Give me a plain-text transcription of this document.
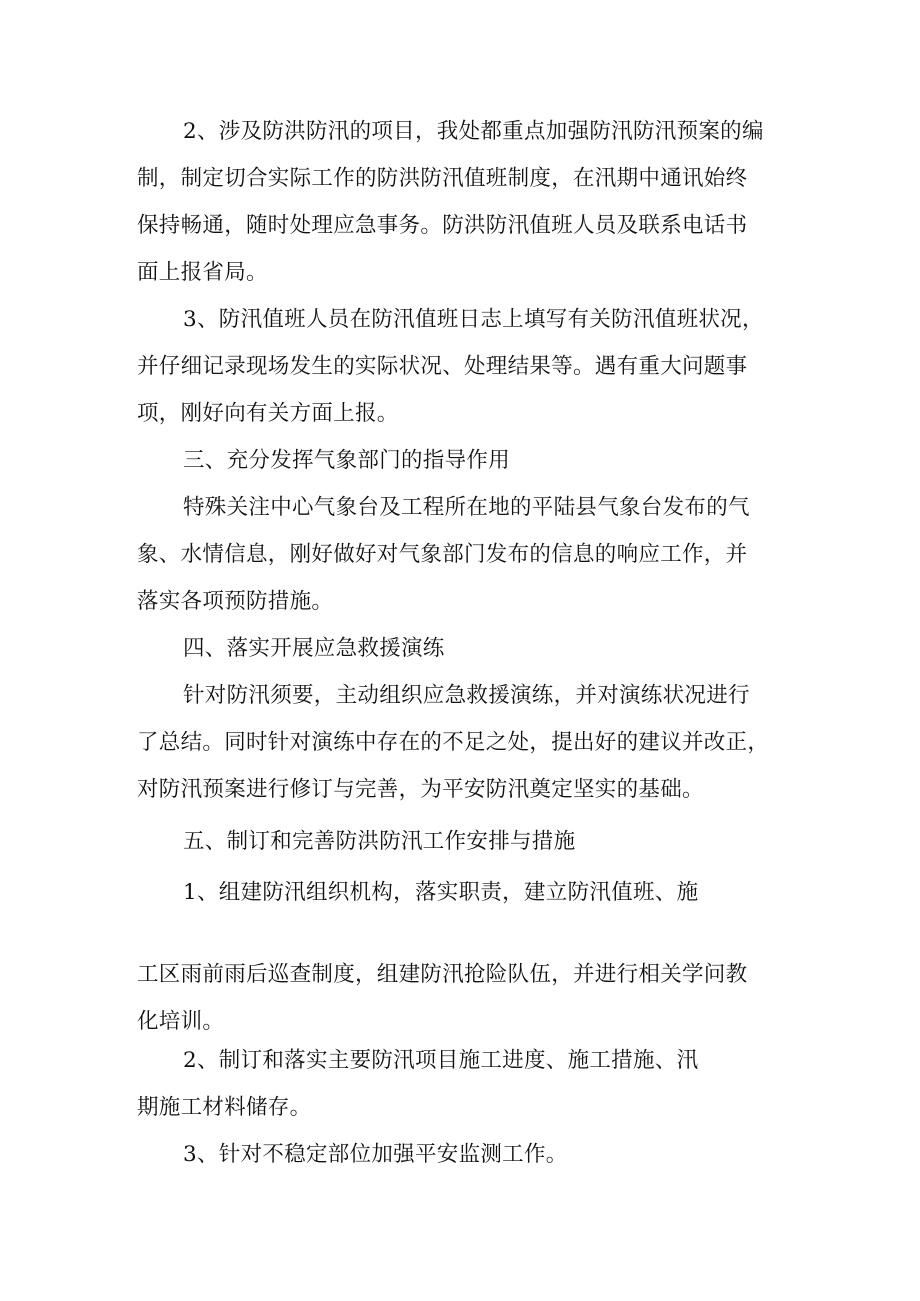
2、涉及防洪防汛的项目，我处都重点加强防汛防汛预案的编
制，制定切合实际工作的防洪防汛值班制度，在汛期中通讯始终
保持畅通，随时处理应急事务。防洪防汛值班人员及联系电话书
面上报省局。
3、防汛值班人员在防汛值班日志上填写有关防汛值班状况，
并仔细记录现场发生的实际状况、处理结果等。遇有重大问题事
项，刚好向有关方面上报。
三、充分发挥气象部门的指导作用
特殊关注中心气象台及工程所在地的平陆县气象台发布的气
象、水情信息，刚好做好对气象部门发布的信息的响应工作，并
落实各项预防措施。
四、落实开展应急救援演练
针对防汛须要，主动组织应急救援演练，并对演练状况进行
了总结。同时针对演练中存在的不足之处，提出好的建议并改正，
对防汛预案进行修订与完善，为平安防汛奠定坚实的基础。
五、制订和完善防洪防汛工作安排与措施
1、组建防汛组织机构，落实职责，建立防汛值班、施
工区雨前雨后巡查制度，组建防汛抢险队伍，并进行相关学问教
化培训。
2、制订和落实主要防汛项目施工进度、施工措施、汛
期施工材料储存。
3、针对不稳定部位加强平安监测工作。
